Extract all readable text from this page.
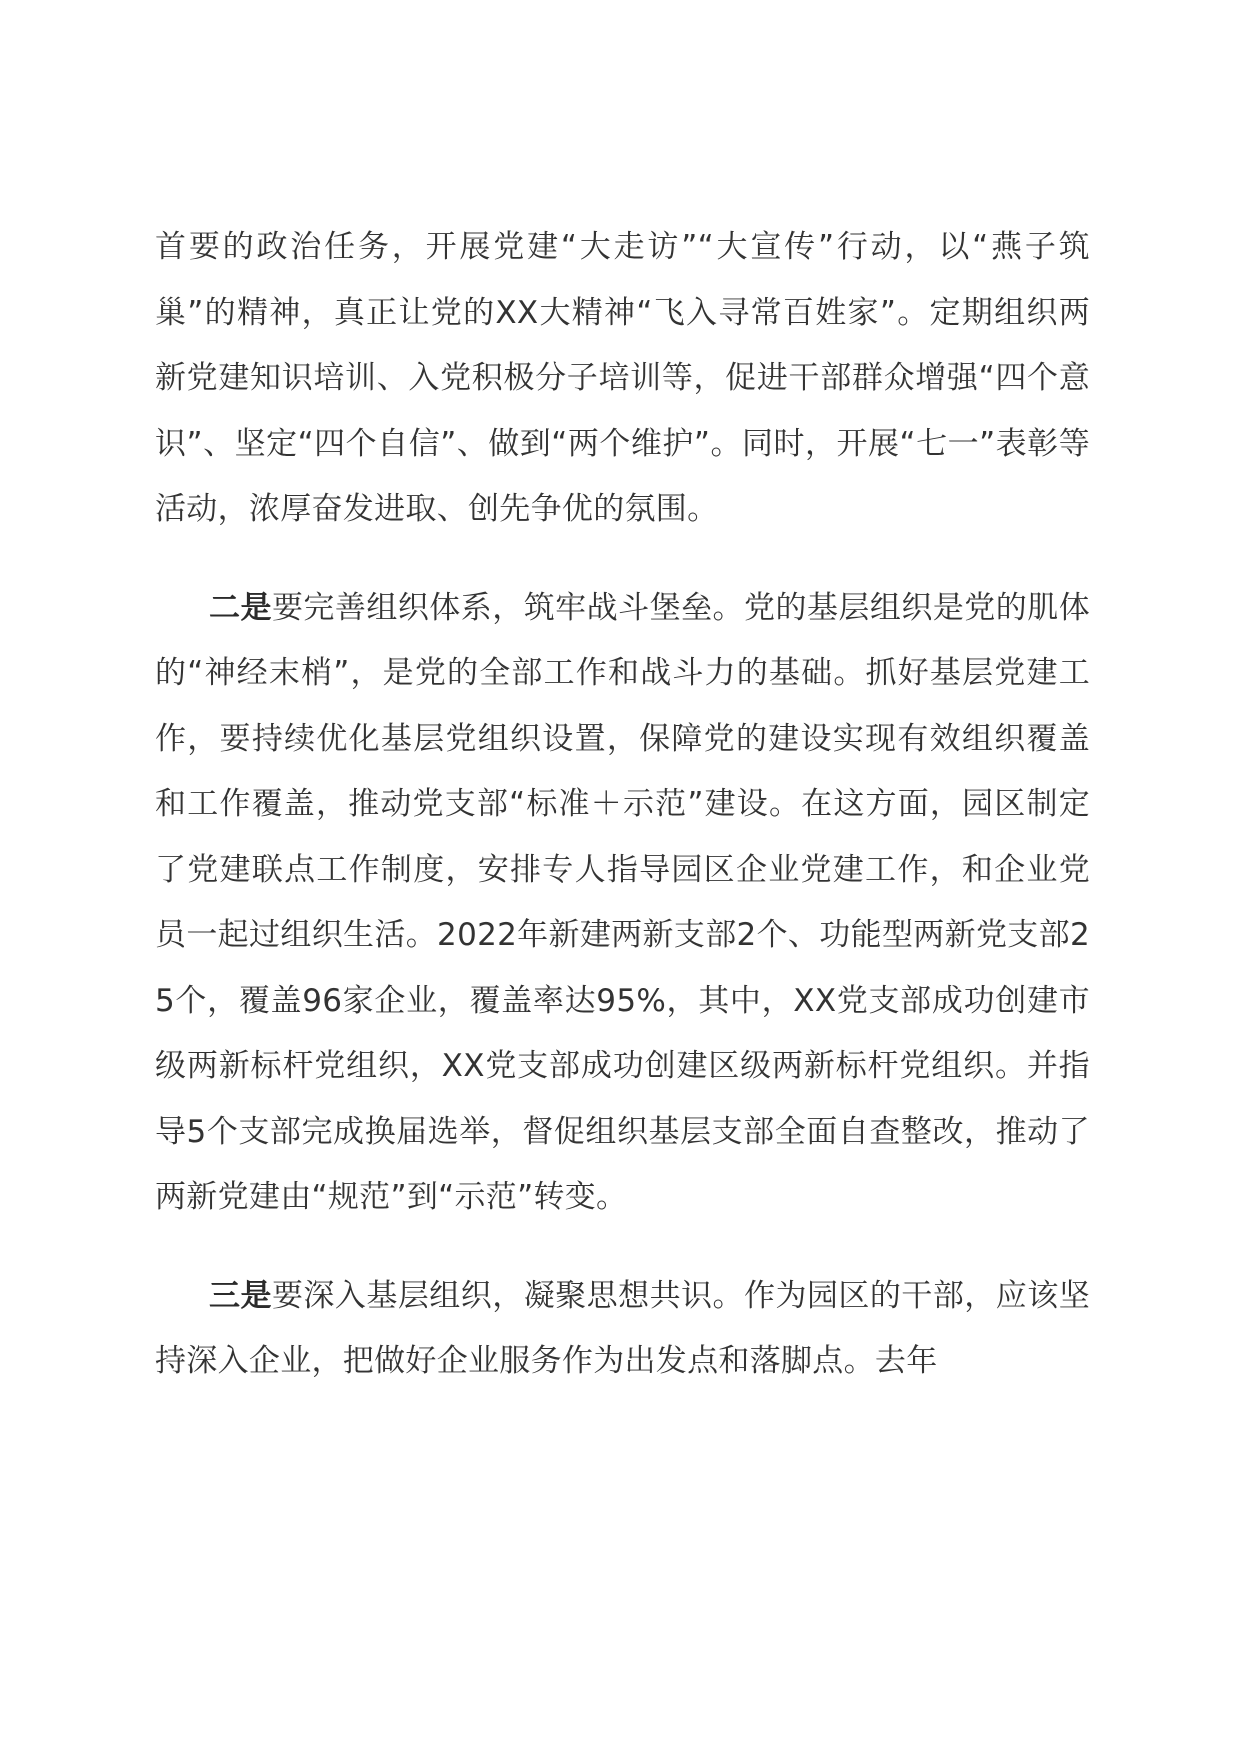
首要的政治任务，开展党建“大走访”“大宣传”行动，以“燕子筑巢”的精神，真正让党的XX大精神“飞入寻常百姓家”。定期组织两新党建知识培训、入党积极分子培训等，促进干部群众增强“四个意识”、坚定“四个自信”、做到“两个维护”。同时，开展“七一”表彰等活动，浓厚奋发进取、创先争优的氛围。

二是要完善组织体系，筑牢战斗堡垒。党的基层组织是党的肌体的“神经末梢”，是党的全部工作和战斗力的基础。抓好基层党建工作，要持续优化基层党组织设置，保障党的建设实现有效组织覆盖和工作覆盖，推动党支部“标准＋示范”建设。在这方面，园区制定了党建联点工作制度，安排专人指导园区企业党建工作，和企业党员一起过组织生活。2022年新建两新支部2个、功能型两新党支部25个，覆盖96家企业，覆盖率达95%，其中，XX党支部成功创建市级两新标杆党组织，XX党支部成功创建区级两新标杆党组织。并指导5个支部完成换届选举，督促组织基层支部全面自查整改，推动了两新党建由“规范”到“示范”转变。

三是要深入基层组织，凝聚思想共识。作为园区的干部，应该坚持深入企业，把做好企业服务作为出发点和落脚点。去年
